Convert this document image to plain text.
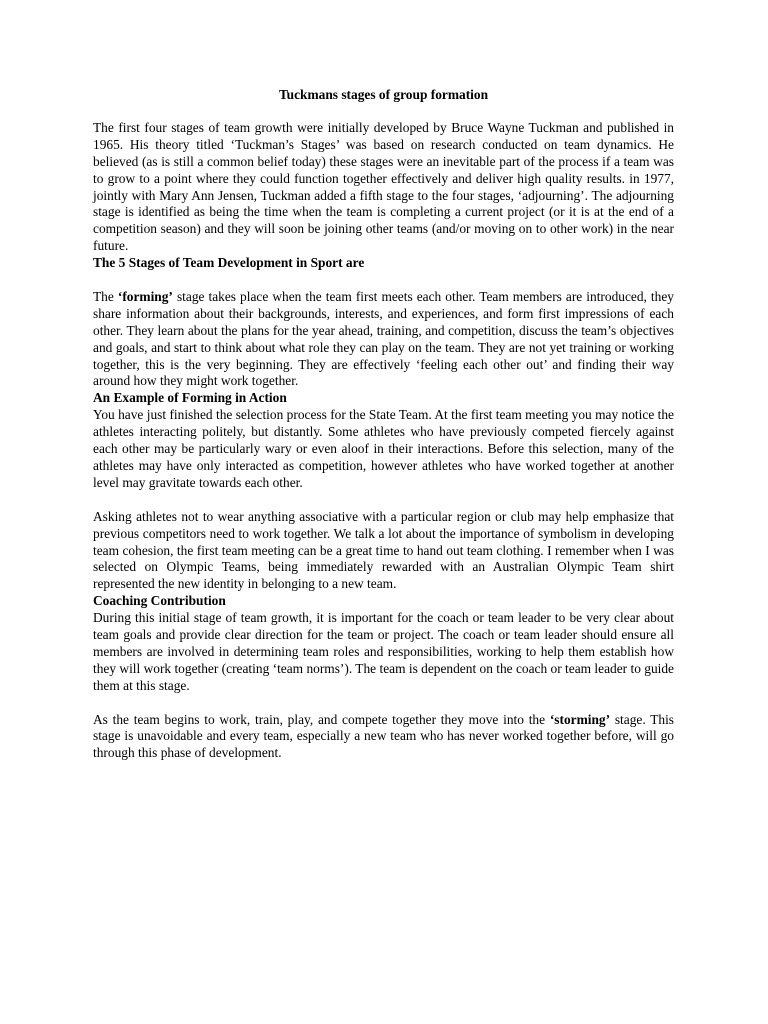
Tuckmans stages of group formation

The first four stages of team growth were initially developed by Bruce Wayne Tuckman and published in 1965. His theory titled ‘Tuckman’s Stages’ was based on research conducted on team dynamics. He believed (as is still a common belief today) these stages were an inevitable part of the process if a team was to grow to a point where they could function together effectively and deliver high quality results. in 1977, jointly with Mary Ann Jensen, Tuckman added a fifth stage to the four stages, ‘adjourning’. The adjourning stage is identified as being the time when the team is completing a current project (or it is at the end of a competition season) and they will soon be joining other teams (and/or moving on to other work) in the near future.

The 5 Stages of Team Development in Sport are

The ‘forming’ stage takes place when the team first meets each other. Team members are introduced, they share information about their backgrounds, interests, and experiences, and form first impressions of each other. They learn about the plans for the year ahead, training, and competition, discuss the team’s objectives and goals, and start to think about what role they can play on the team. They are not yet training or working together, this is the very beginning. They are effectively ‘feeling each other out’ and finding their way around how they might work together.

An Example of Forming in Action

You have just finished the selection process for the State Team. At the first team meeting you may notice the athletes interacting politely, but distantly. Some athletes who have previously competed fiercely against each other may be particularly wary or even aloof in their interactions. Before this selection, many of the athletes may have only interacted as competition, however athletes who have worked together at another level may gravitate towards each other.

Asking athletes not to wear anything associative with a particular region or club may help emphasize that previous competitors need to work together. We talk a lot about the importance of symbolism in developing team cohesion, the first team meeting can be a great time to hand out team clothing. I remember when I was selected on Olympic Teams, being immediately rewarded with an Australian Olympic Team shirt represented the new identity in belonging to a new team.

Coaching Contribution

During this initial stage of team growth, it is important for the coach or team leader to be very clear about team goals and provide clear direction for the team or project. The coach or team leader should ensure all members are involved in determining team roles and responsibilities, working to help them establish how they will work together (creating ‘team norms’). The team is dependent on the coach or team leader to guide them at this stage.

As the team begins to work, train, play, and compete together they move into the ‘storming’ stage. This stage is unavoidable and every team, especially a new team who has never worked together before, will go through this phase of development.
